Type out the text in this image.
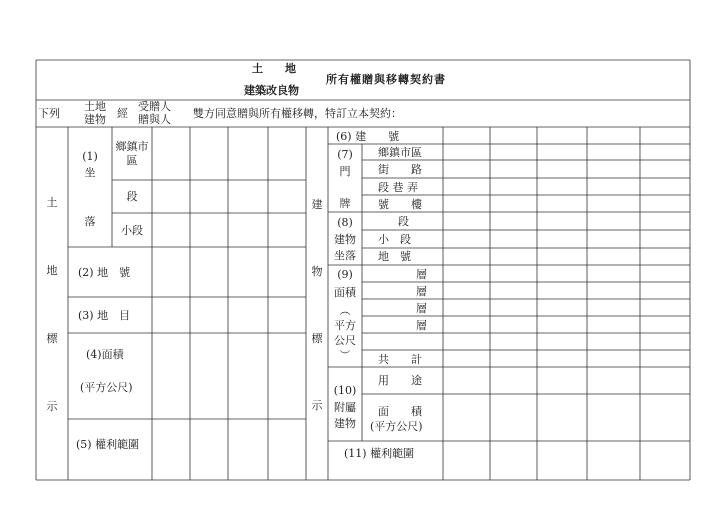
土　　地
建築改良物
所有權贈與移轉契約書
下列
土地
建物 經
受贈人
贈與人 雙方同意贈與所有權移轉，特訂立本契約：
土
地
標
示
(1)
坐
落
鄉鎮市區
段
小段
(2) 地　號
(3) 地　目
(4)面積
(平方公尺)
(5) 權利範圍
建
物
標
示
(6) 建　　號
(7)
門
牌
鄉鎮市區
街　　路
段 巷 弄
號　　樓
(8)
建物
坐落
段
小　段
地　號
(9)
面積
︵
平方
公尺
︶
層
層
層
層
共　　計
(10)
附屬
建物
用　　途
面　　積
(平方公尺)
(11) 權利範圍
